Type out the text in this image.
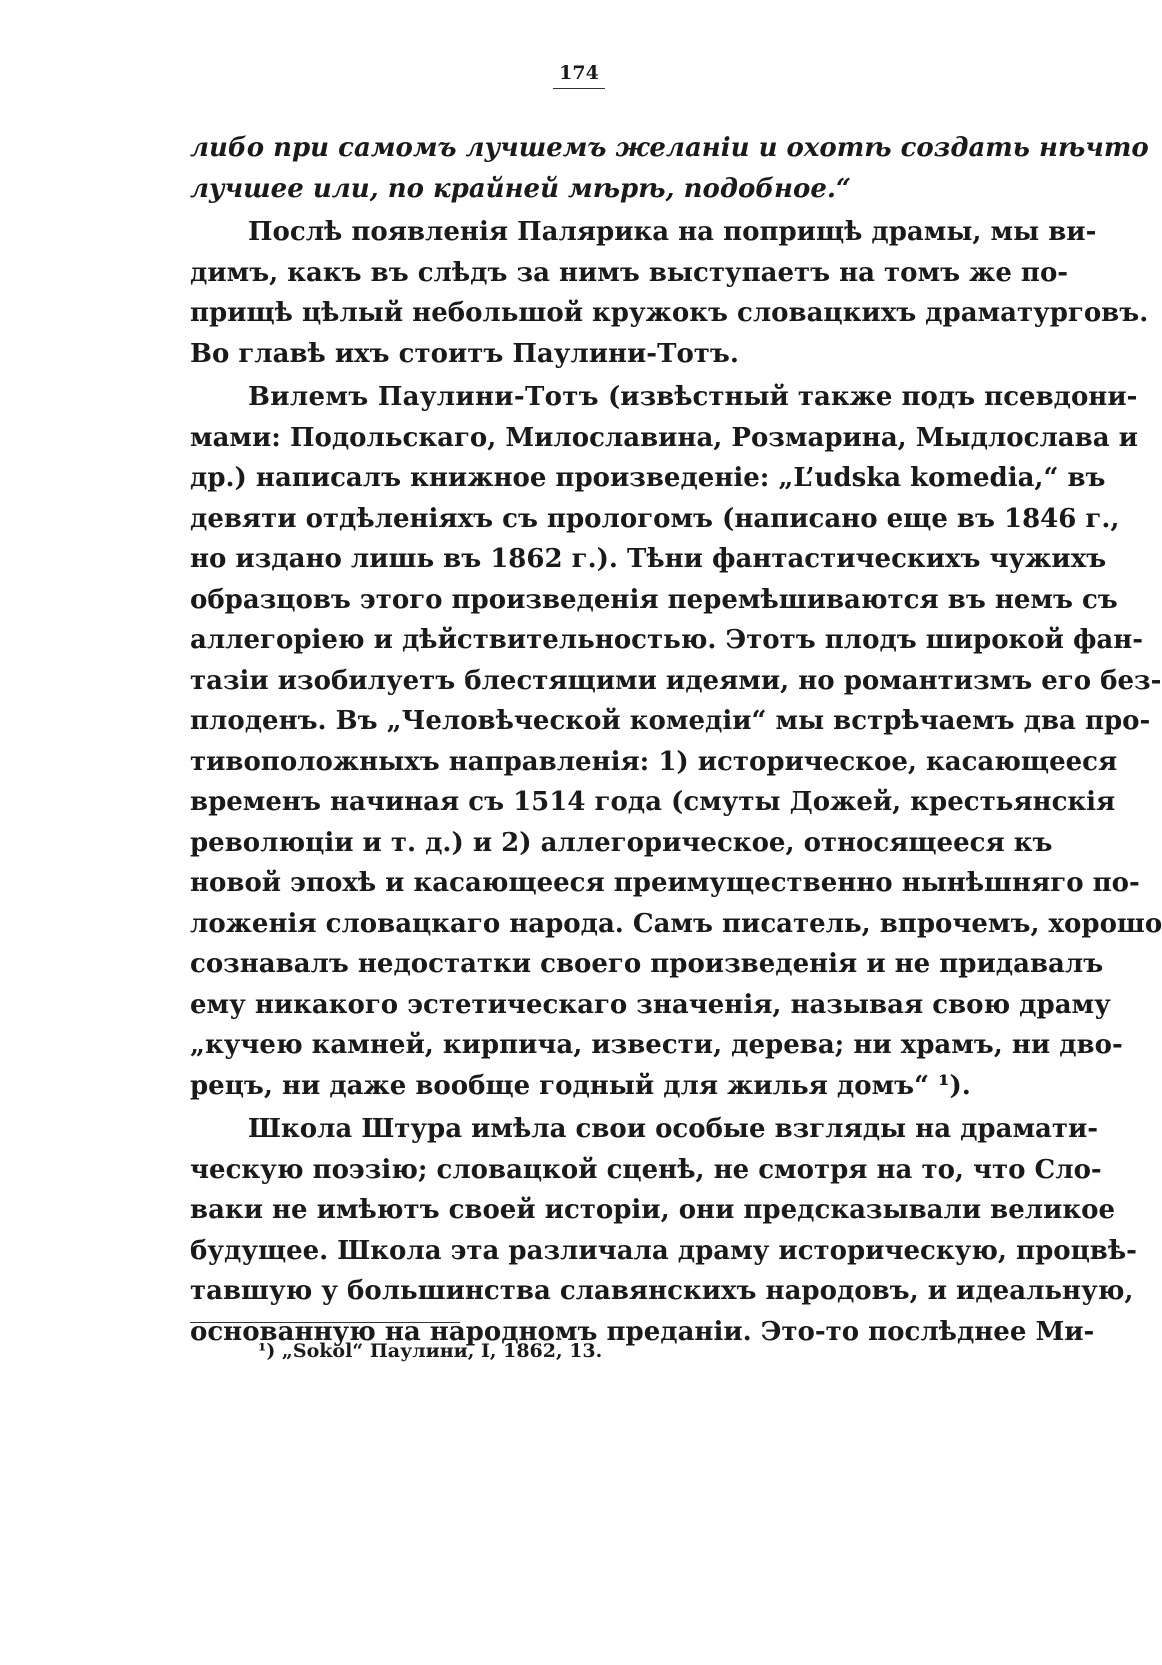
174
либо при самомъ лучшемъ желаніи и охотѣ создать нѣчто
лучшее или, по крайней мѣрѣ, подобное.“
Послѣ появленія Палярика на поприщѣ драмы, мы ви-
димъ, какъ въ слѣдъ за нимъ выступаетъ на томъ же по-
прищѣ цѣлый небольшой кружокъ словацкихъ драматурговъ.
Во главѣ ихъ стоитъ Паулини-Тотъ.
Вилемъ Паулини-Тотъ (извѣстный также подъ псевдони-
мами: Подольскаго, Милославина, Розмарина, Мыдлослава и
др.) написалъ книжное произведеніе: „L’udska komedia,“ въ
девяти отдѣленіяхъ съ прологомъ (написано еще въ 1846 г.,
но издано лишь въ 1862 г.). Тѣни фантастическихъ чужихъ
образцовъ этого произведенія перемѣшиваются въ немъ съ
аллегоріею и дѣйствительностью. Этотъ плодъ широкой фан-
тазіи изобилуетъ блестящими идеями, но романтизмъ его без-
плоденъ. Въ „Человѣческой комедіи“ мы встрѣчаемъ два про-
тивоположныхъ направленія: 1) историческое, касающееся
временъ начиная съ 1514 года (смуты Дожей, крестьянскія
революціи и т. д.) и 2) аллегорическое, относящееся къ
новой эпохѣ и касающееся преимущественно нынѣшняго по-
ложенія словацкаго народа. Самъ писатель, впрочемъ, хорошо
сознавалъ недостатки своего произведенія и не придавалъ
ему никакого эстетическаго значенія, называя свою драму
„кучею камней, кирпича, извести, дерева; ни храмъ, ни дво-
рецъ, ни даже вообще годный для жилья домъ“ ¹).
Школа Штура имѣла свои особые взгляды на драмати-
ческую поэзію; словацкой сценѣ, не смотря на то, что Сло-
ваки не имѣютъ своей исторіи, они предсказывали великое
будущее. Школа эта различала драму историческую, процвѣ-
тавшую у большинства славянскихъ народовъ, и идеальную,
основанную на народномъ преданіи. Это-то послѣднее Ми-
¹) „Sokol“ Паулини, I, 1862, 13.
